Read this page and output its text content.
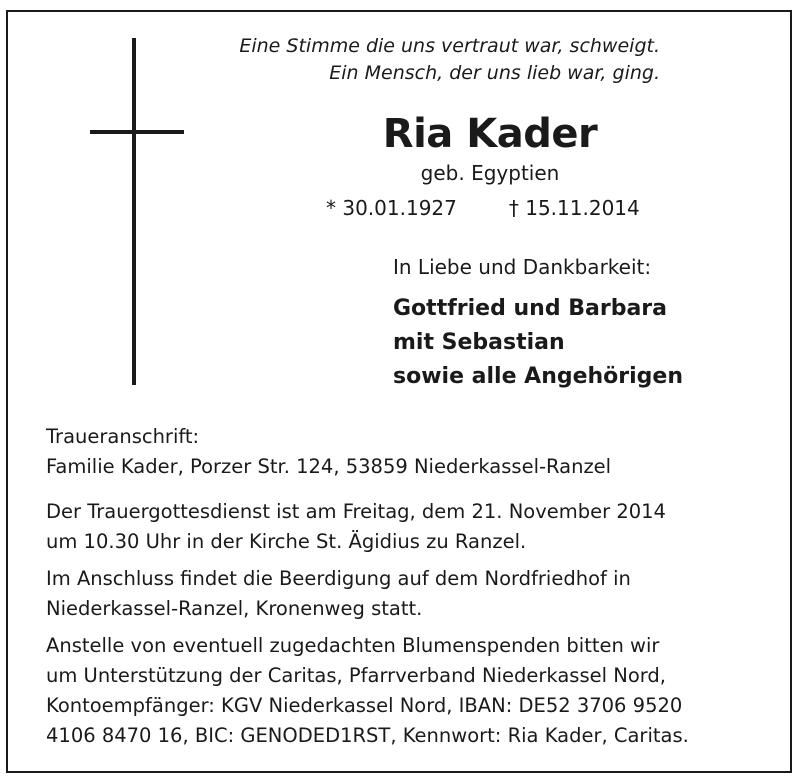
Eine Stimme die uns vertraut war, schweigt.
Ein Mensch, der uns lieb war, ging.
Ria Kader
geb. Egyptien
* 30.01.1927	† 15.11.2014
In Liebe und Dankbarkeit:
Gottfried und Barbara
mit Sebastian
sowie alle Angehörigen
Traueranschrift:
Familie Kader, Porzer Str. 124, 53859 Niederkassel-Ranzel
Der Trauergottesdienst ist am Freitag, dem 21. November 2014
um 10.30 Uhr in der Kirche St. Ägidius zu Ranzel.
Im Anschluss findet die Beerdigung auf dem Nordfriedhof in
Niederkassel-Ranzel, Kronenweg statt.
Anstelle von eventuell zugedachten Blumenspenden bitten wir
um Unterstützung der Caritas, Pfarrverband Niederkassel Nord,
Kontoempfänger: KGV Niederkassel Nord, IBAN: DE52 3706 9520
4106 8470 16, BIC: GENODED1RST, Kennwort: Ria Kader, Caritas.
